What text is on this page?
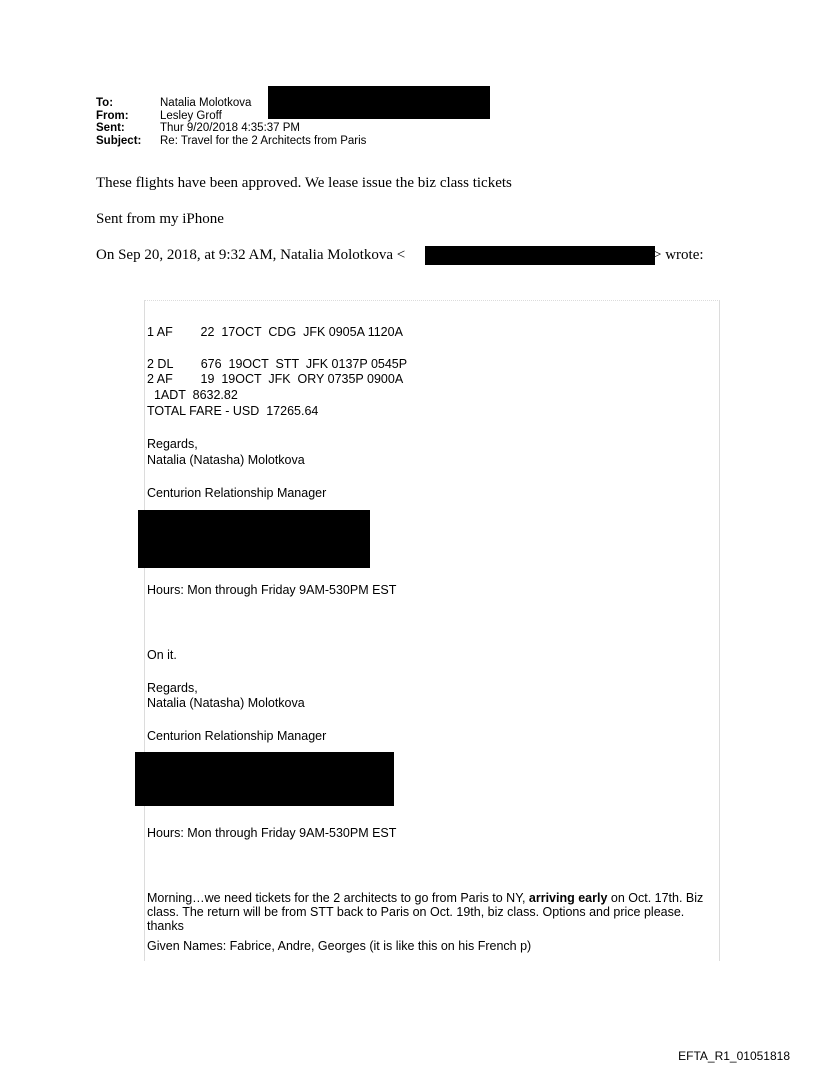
To:	Natalia Molotkova
From:	Lesley Groff
Sent:	Thur 9/20/2018 4:35:37 PM
Subject:	Re: Travel for the 2 Architects from Paris
These flights have been approved. We lease issue the biz class tickets
Sent from my iPhone
On Sep 20, 2018, at 9:32 AM, Natalia Molotkova <	> wrote:
1 AF        22  17OCT  CDG  JFK 0905A 1120A
2 DL        676  19OCT  STT  JFK 0137P 0545P
2 AF        19  19OCT  JFK  ORY 0735P 0900A
1ADT  8632.82
TOTAL FARE - USD  17265.64
Regards,
Natalia (Natasha) Molotkova
Centurion Relationship Manager
Hours: Mon through Friday 9AM-530PM EST
On it.
Regards,
Natalia (Natasha) Molotkova
Centurion Relationship Manager
Hours: Mon through Friday 9AM-530PM EST
Morning…we need tickets for the 2 architects to go from Paris to NY, arriving early on Oct. 17th. Biz class. The return will be from STT back to Paris on Oct. 19th, biz class. Options and price please. thanks
Given Names: Fabrice, Andre, Georges (it is like this on his French p)
EFTA_R1_01051818
